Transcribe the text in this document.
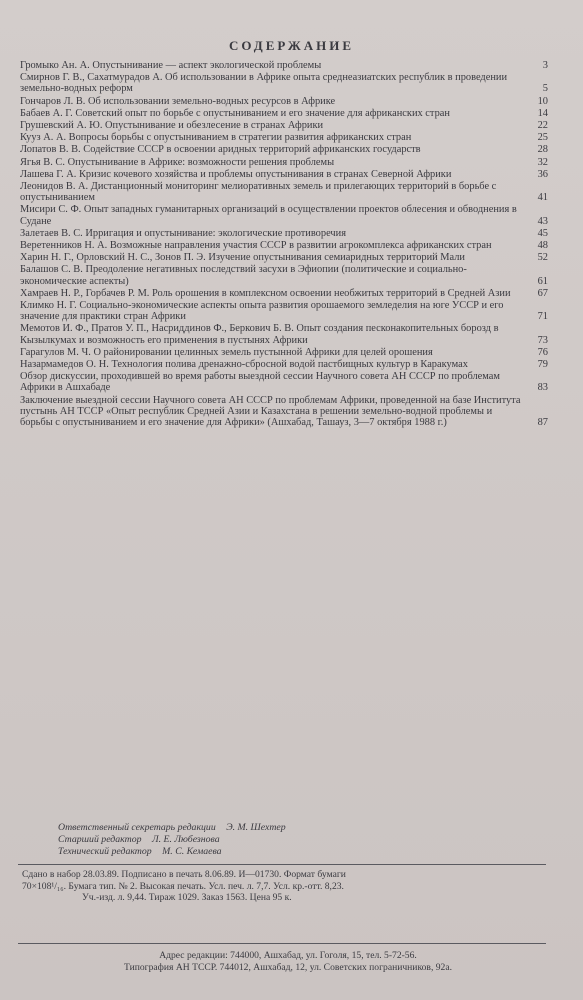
СОДЕРЖАНИЕ
Громыко Ан. А. Опустынивание — аспект экологической проблемы	3
Смирнов Г. В., Сахатмурадов А. Об использовании в Африке опыта среднеазиатских республик в проведении земельно-водных реформ	5
Гончаров Л. В. Об использовании земельно-водных ресурсов в Африке	10
Бабаев А. Г. Советский опыт по борьбе с опустыниванием и его значение для африканских стран	14
Грушевский А. Ю. Опустынивание и обезлесение в странах Африки	22
Кууз А. А. Вопросы борьбы с опустыниванием в стратегии развития африканских стран	25
Лопатов В. В. Содействие СССР в освоении аридных территорий африканских государств	28
Ягья В. С. Опустынивание в Африке: возможности решения проблемы	32
Лашева Г. А. Кризис кочевого хозяйства и проблемы опустынивания в странах Северной Африки	36
Леонидов В. А. Дистанционный мониторинг мелиоративных земель и прилегающих территорий в борьбе с опустыниванием	41
Мисири С. Ф. Опыт западных гуманитарных организаций в осуществлении проектов облесения и обводнения в Судане	43
Залетаев В. С. Ирригация и опустынивание: экологические противоречия	45
Веретенников Н. А. Возможные направления участия СССР в развитии агрокомплекса африканских стран	48
Харин Н. Г., Орловский Н. С., Зонов П. Э. Изучение опустынивания семиаридных территорий Мали	52
Балашов С. В. Преодоление негативных последствий засухи в Эфиопии (политические и социально-экономические аспекты)	61
Хамраев Н. Р., Горбачев Р. М. Роль орошения в комплексном освоении необжитых территорий в Средней Азии	67
Климко Н. Г. Социально-экономические аспекты опыта развития орошаемого земледелия на юге УССР и его значение для практики стран Африки	71
Мемотов И. Ф., Пратов У. П., Насриддинов Ф., Беркович Б. В. Опыт создания песконакопительных борозд в Кызылкумах и возможность его применения в пустынях Африки	73
Гарагулов М. Ч. О районировании целинных земель пустынной Африки для целей орошения	76
Назармамедов О. Н. Технология полива дренажно-сбросной водой пастбищных культур в Каракумах	79
Обзор дискуссии, проходившей во время работы выездной сессии Научного совета АН СССР по проблемам Африки в Ашхабаде	83
Заключение выездной сессии Научного совета АН СССР по проблемам Африки, проведенной на базе Института пустынь АН ТССР «Опыт республик Средней Азии и Казахстана в решении земельно-водной проблемы и борьбы с опустыниванием и его значение для Африки» (Ашхабад, Ташауз, 3—7 октября 1988 г.)	87
Ответственный секретарь редакции Э. М. Шехтер
Старший редактор Л. Е. Любезнова
Технический редактор М. С. Кемаева
Сдано в набор 28.03.89. Подписано в печать 8.06.89. И—01730. Формат бумаги
70×108¹/₁₆. Бумага тип. № 2. Высокая печать. Усл. печ. л. 7,7. Усл. кр.-отт. 8,23.
Уч.-изд. л. 9,44. Тираж 1029. Заказ 1563. Цена 95 к.
Адрес редакции: 744000, Ашхабад, ул. Гоголя, 15, тел. 5-72-56.
Типография АН ТССР. 744012, Ашхабад, 12, ул. Советских пограничников, 92а.
